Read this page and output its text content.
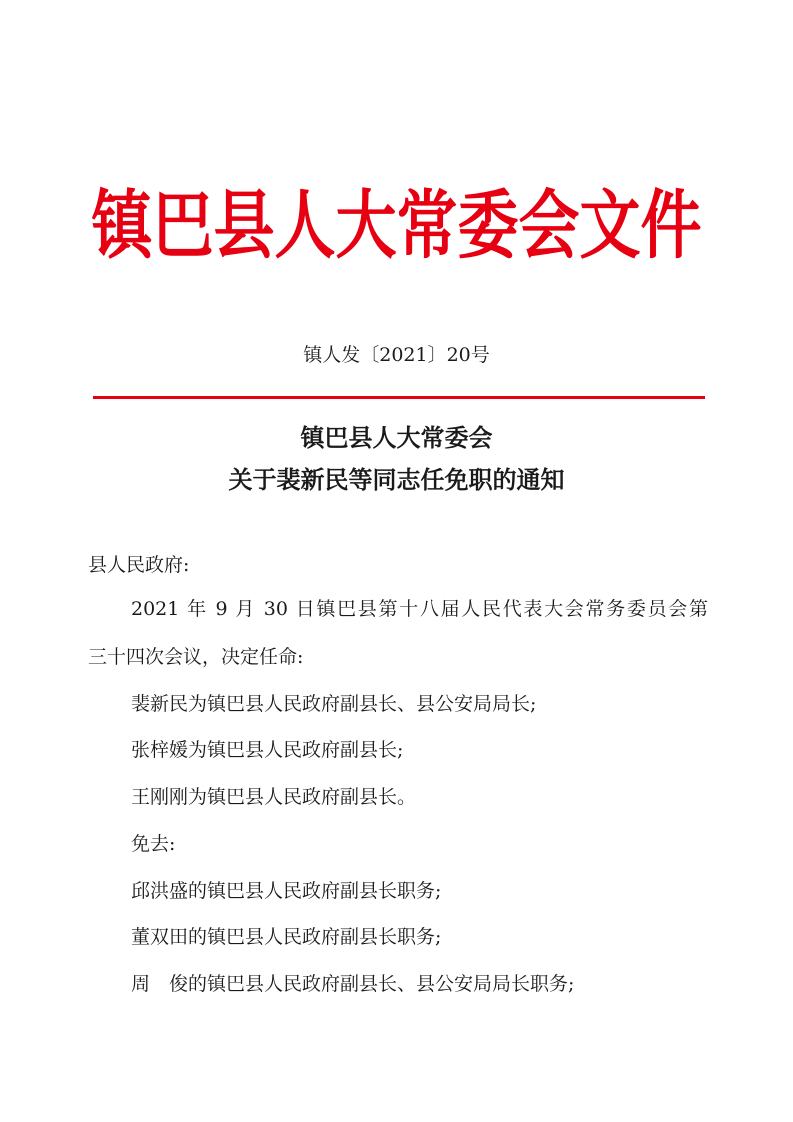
镇巴县人大常委会文件
镇人发〔2021〕20号
镇巴县人大常委会
关于裴新民等同志任免职的通知
县人民政府:
2021 年 9 月 30 日镇巴县第十八届人民代表大会常务委员会第
三十四次会议，决定任命:
裴新民为镇巴县人民政府副县长、县公安局局长;
张梓媛为镇巴县人民政府副县长;
王刚刚为镇巴县人民政府副县长。
免去:
邱洪盛的镇巴县人民政府副县长职务;
董双田的镇巴县人民政府副县长职务;
周　俊的镇巴县人民政府副县长、县公安局局长职务;
